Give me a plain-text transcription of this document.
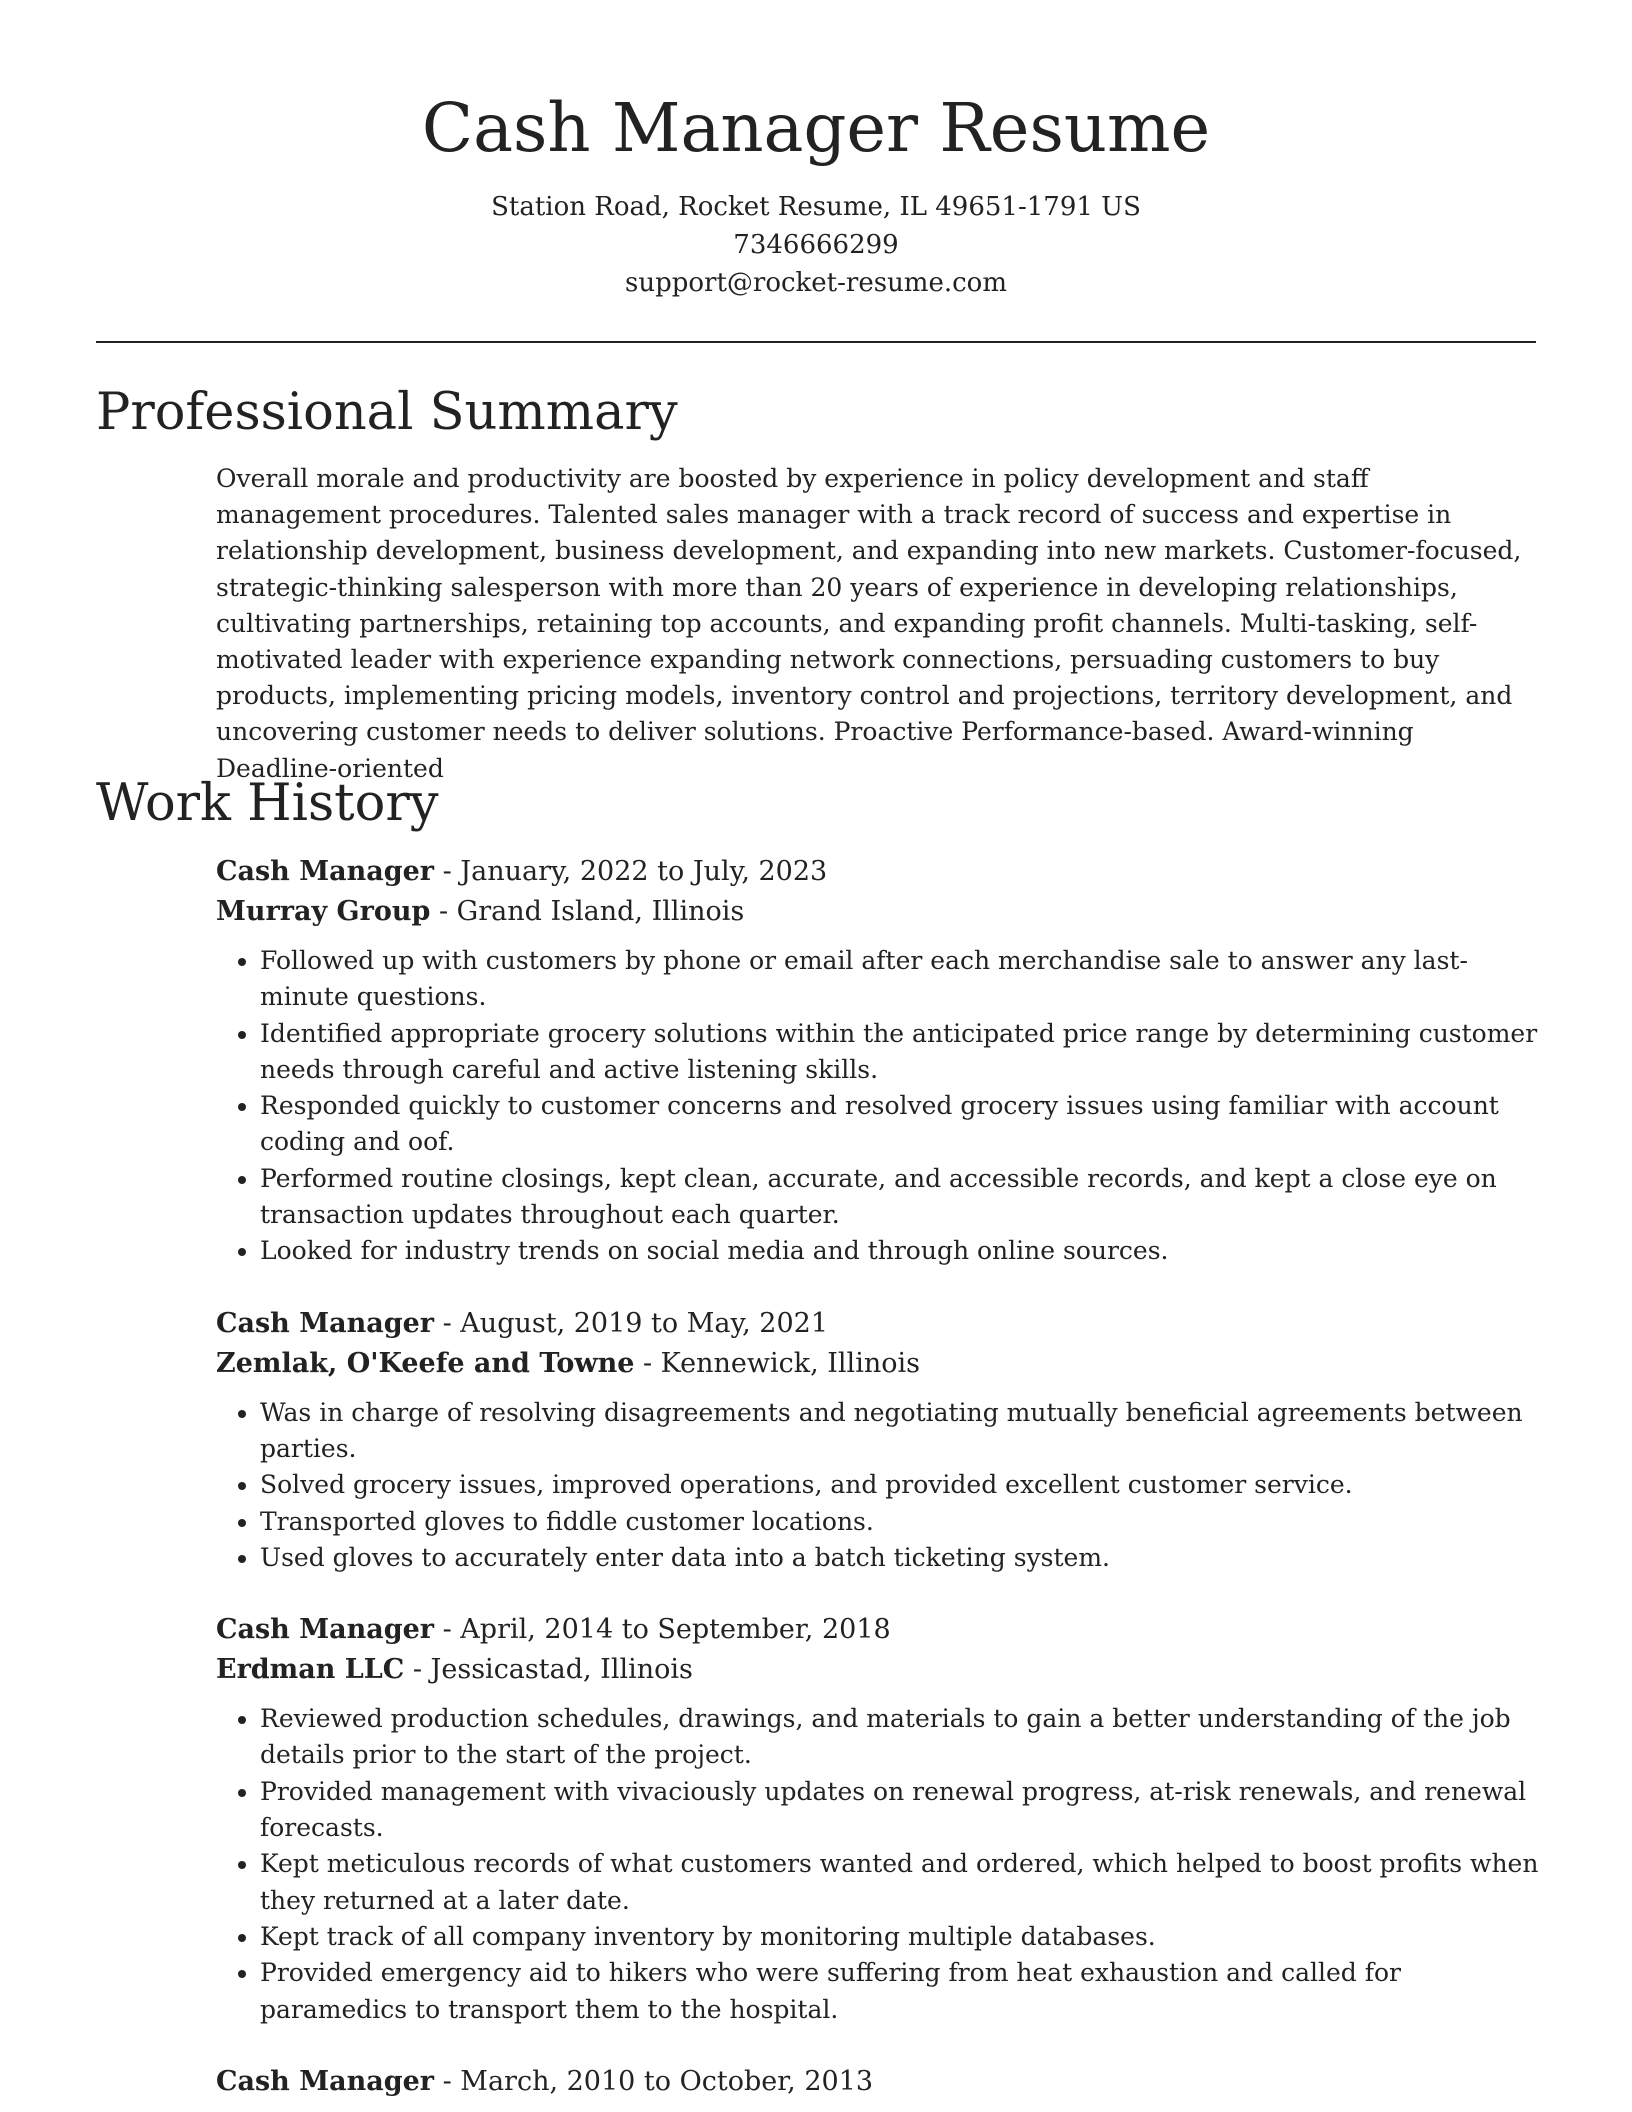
Cash Manager Resume

Station Road, Rocket Resume, IL 49651-1791 US

7346666299

support@rocket-resume.com

Professional Summary

Overall morale and productivity are boosted by experience in policy development and staff management procedures. Talented sales manager with a track record of success and expertise in relationship development, business development, and expanding into new markets. Customer-focused, strategic-thinking salesperson with more than 20 years of experience in developing relationships, cultivating partnerships, retaining top accounts, and expanding profit channels. Multi-tasking, self-motivated leader with experience expanding network connections, persuading customers to buy products, implementing pricing models, inventory control and projections, territory development, and uncovering customer needs to deliver solutions. Proactive Performance-based. Award-winning Deadline-oriented

Work History

Cash Manager - January, 2022 to July, 2023

Murray Group - Grand Island, Illinois

• Followed up with customers by phone or email after each merchandise sale to answer any last-minute questions.
• Identified appropriate grocery solutions within the anticipated price range by determining customer needs through careful and active listening skills.
• Responded quickly to customer concerns and resolved grocery issues using familiar with account coding and oof.
• Performed routine closings, kept clean, accurate, and accessible records, and kept a close eye on transaction updates throughout each quarter.
• Looked for industry trends on social media and through online sources.

Cash Manager - August, 2019 to May, 2021

Zemlak, O'Keefe and Towne - Kennewick, Illinois

• Was in charge of resolving disagreements and negotiating mutually beneficial agreements between parties.
• Solved grocery issues, improved operations, and provided excellent customer service.
• Transported gloves to fiddle customer locations.
• Used gloves to accurately enter data into a batch ticketing system.

Cash Manager - April, 2014 to September, 2018

Erdman LLC - Jessicastad, Illinois

• Reviewed production schedules, drawings, and materials to gain a better understanding of the job details prior to the start of the project.
• Provided management with vivaciously updates on renewal progress, at-risk renewals, and renewal forecasts.
• Kept meticulous records of what customers wanted and ordered, which helped to boost profits when they returned at a later date.
• Kept track of all company inventory by monitoring multiple databases.
• Provided emergency aid to hikers who were suffering from heat exhaustion and called for paramedics to transport them to the hospital.

Cash Manager - March, 2010 to October, 2013
